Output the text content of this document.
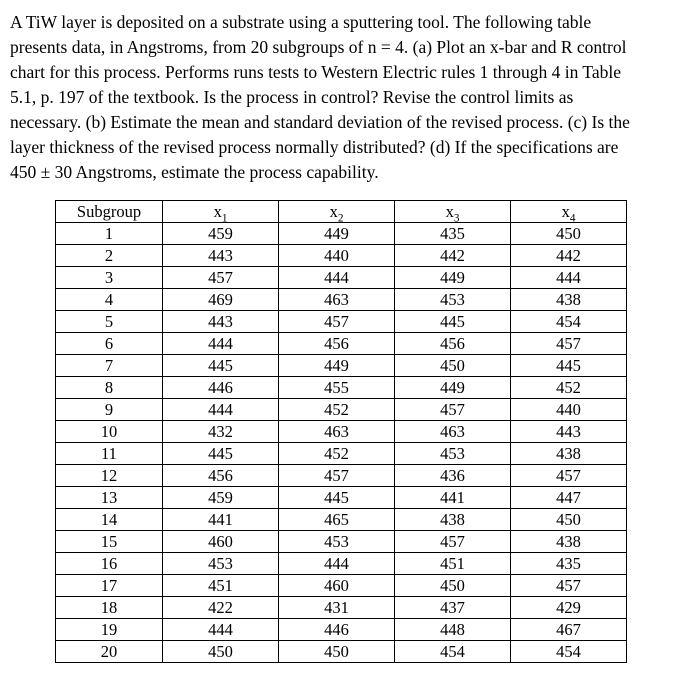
A TiW layer is deposited on a substrate using a sputtering tool. The following table
presents data, in Angstroms, from 20 subgroups of n = 4. (a) Plot an x-bar and R control
chart for this process. Performs runs tests to Western Electric rules 1 through 4 in Table
5.1, p. 197 of the textbook. Is the process in control? Revise the control limits as
necessary. (b) Estimate the mean and standard deviation of the revised process. (c) Is the
layer thickness of the revised process normally distributed? (d) If the specifications are
450 ± 30 Angstroms, estimate the process capability.
Subgroup	$x_1$	$x_2$	$x_3$	$x_4$
1	459	449	435	450
2	443	440	442	442
3	457	444	449	444
4	469	463	453	438
5	443	457	445	454
6	444	456	456	457
7	445	449	450	445
8	446	455	449	452
9	444	452	457	440
10	432	463	463	443
11	445	452	453	438
12	456	457	436	457
13	459	445	441	447
14	441	465	438	450
15	460	453	457	438
16	453	444	451	435
17	451	460	450	457
18	422	431	437	429
19	444	446	448	467
20	450	450	454	454
